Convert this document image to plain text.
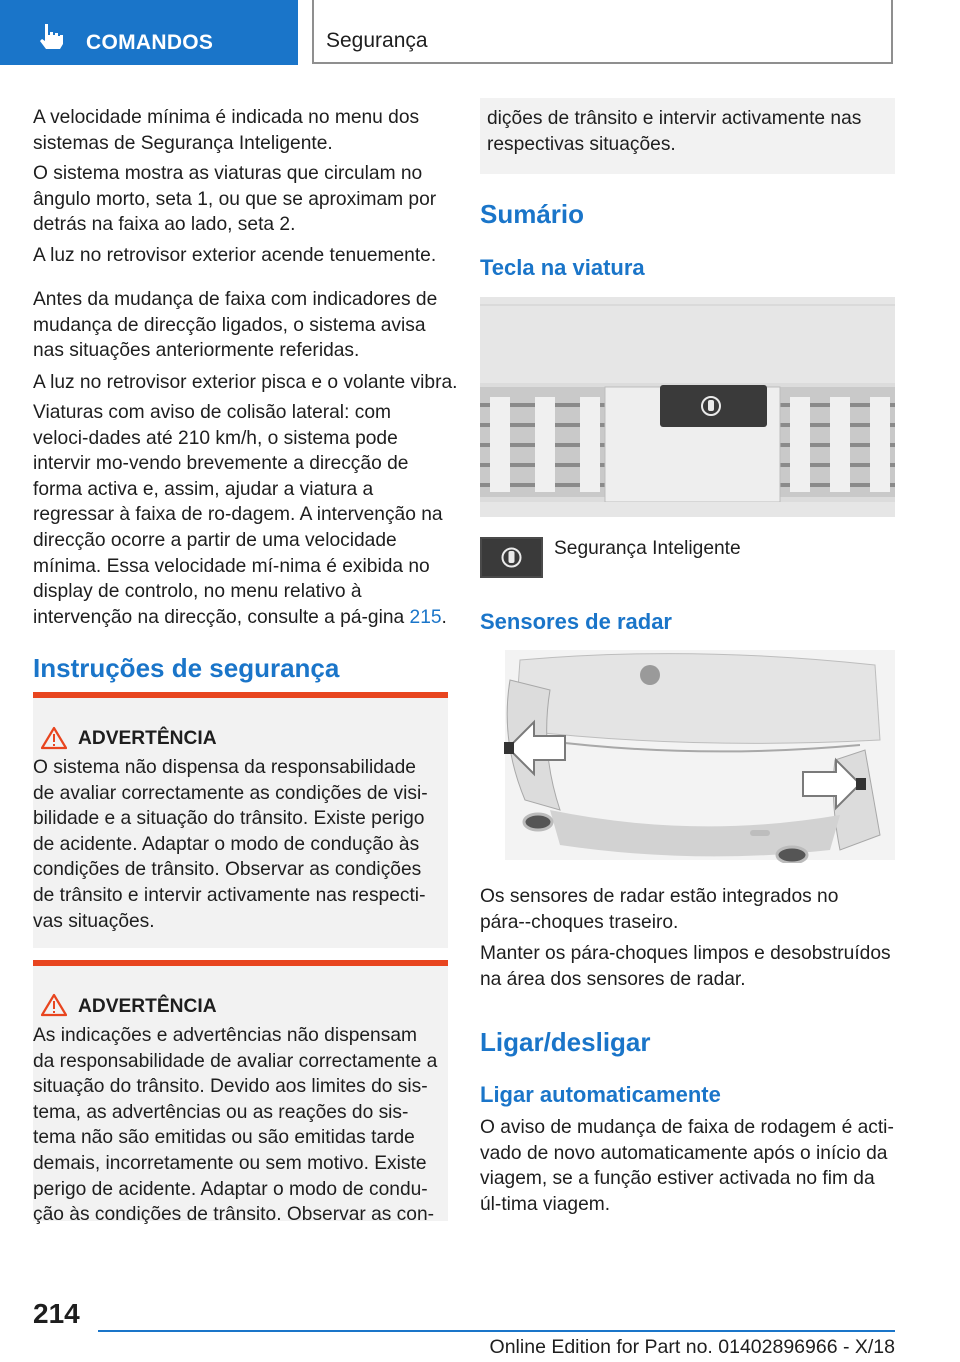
COMANDOS	Segurança

A velocidade mínima é indicada no menu dos sistemas de Segurança Inteligente.

O sistema mostra as viaturas que circulam no ângulo morto, seta 1, ou que se aproximam por detrás na faixa ao lado, seta 2.

A luz no retrovisor exterior acende tenuemente.

Antes da mudança de faixa com indicadores de mudança de direcção ligados, o sistema avisa nas situações anteriormente referidas.

A luz no retrovisor exterior pisca e o volante vibra.

Viaturas com aviso de colisão lateral: com veloci-dades até 210 km/h, o sistema pode intervir mo-vendo brevemente a direcção de forma activa e, assim, ajudar a viatura a regressar à faixa de ro-dagem. A intervenção na direcção ocorre a partir de uma velocidade mínima. Essa velocidade mí-nima é exibida no display de controlo, no menu relativo à intervenção na direcção, consulte a pá-gina 215.

Instruções de segurança
ADVERTÊNCIA

O sistema não dispensa da responsabilidade de avaliar correctamente as condições de visi-bilidade e a situação do trânsito. Existe perigo de acidente. Adaptar o modo de condução às condições de trânsito. Observar as condições de trânsito e intervir activamente nas respecti-vas situações.

ADVERTÊNCIA

As indicações e advertências não dispensam da responsabilidade de avaliar correctamente a situação do trânsito. Devido aos limites do sis-tema, as advertências ou as reações do sis-tema não são emitidas ou são emitidas tarde demais, incorretamente ou sem motivo. Existe perigo de acidente. Adaptar o modo de condu-ção às condições de trânsito. Observar as con-

dições de trânsito e intervir activamente nas respectivas situações.

Sumário
Tecla na viatura

Segurança Inteligente

Sensores de radar

Os sensores de radar estão integrados no pára--choques traseiro.

Manter os pára-choques limpos e desobstruídos na área dos sensores de radar.

Ligar/desligar
Ligar automaticamente

O aviso de mudança de faixa de rodagem é acti-vado de novo automaticamente após o início da viagem, se a função estiver activada no fim da úl-tima viagem.

214
Online Edition for Part no. 01402896966 - X/18
